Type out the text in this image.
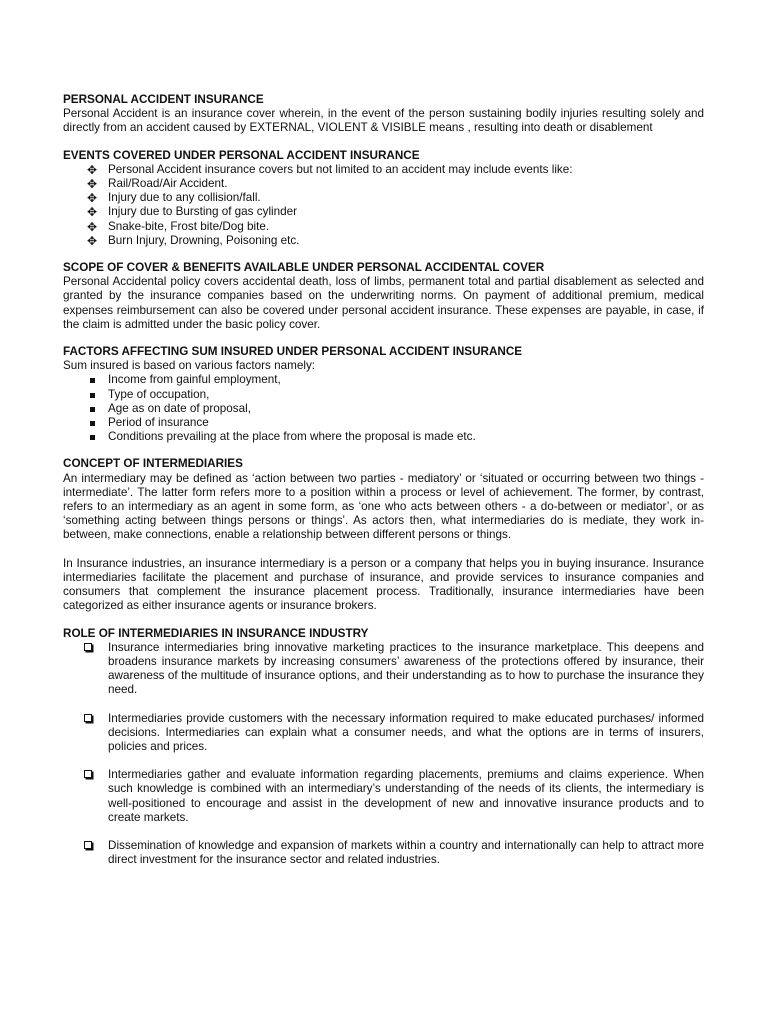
PERSONAL ACCIDENT INSURANCE

Personal Accident is an insurance cover wherein, in the event of the person sustaining bodily injuries resulting solely and directly from an accident caused by EXTERNAL, VIOLENT & VISIBLE means , resulting into death or disablement

EVENTS COVERED UNDER PERSONAL ACCIDENT INSURANCE
✥ Personal Accident insurance covers but not limited to an accident may include events like:
✥ Rail/Road/Air Accident.
✥ Injury due to any collision/fall.
✥ Injury due to Bursting of gas cylinder
✥ Snake-bite, Frost bite/Dog bite.
✥ Burn Injury, Drowning, Poisoning etc.
SCOPE OF COVER & BENEFITS AVAILABLE UNDER PERSONAL ACCIDENTAL COVER

Personal Accidental policy covers accidental death, loss of limbs, permanent total and partial disablement as selected and granted by the insurance companies based on the underwriting norms. On payment of additional premium, medical expenses reimbursement can also be covered under personal accident insurance. These expenses are payable, in case, if the claim is admitted under the basic policy cover.

FACTORS AFFECTING SUM INSURED UNDER PERSONAL ACCIDENT INSURANCE

Sum insured is based on various factors namely:

Income from gainful employment,
Type of occupation,
Age as on date of proposal,
Period of insurance
Conditions prevailing at the place from where the proposal is made etc.
CONCEPT OF INTERMEDIARIES

An intermediary may be defined as ‘action between two parties - mediatory’ or ‘situated or occurring between two things - intermediate’. The latter form refers more to a position within a process or level of achievement. The former, by contrast, refers to an intermediary as an agent in some form, as ‘one who acts between others - a do-between or mediator’, or as ‘something acting between things persons or things’. As actors then, what intermediaries do is mediate, they work in-between, make connections, enable a relationship between different persons or things.

In Insurance industries, an insurance intermediary is a person or a company that helps you in buying insurance. Insurance intermediaries facilitate the placement and purchase of insurance, and provide services to insurance companies and consumers that complement the insurance placement process. Traditionally, insurance intermediaries have been categorized as either insurance agents or insurance brokers.

ROLE OF INTERMEDIARIES IN INSURANCE INDUSTRY

Insurance intermediaries bring innovative marketing practices to the insurance marketplace. This deepens and broadens insurance markets by increasing consumers’ awareness of the protections offered by insurance, their awareness of the multitude of insurance options, and their understanding as to how to purchase the insurance they need.

Intermediaries provide customers with the necessary information required to make educated purchases/ informed decisions. Intermediaries can explain what a consumer needs, and what the options are in terms of insurers, policies and prices.

Intermediaries gather and evaluate information regarding placements, premiums and claims experience. When such knowledge is combined with an intermediary’s understanding of the needs of its clients, the intermediary is well-positioned to encourage and assist in the development of new and innovative insurance products and to create markets.

Dissemination of knowledge and expansion of markets within a country and internationally can help to attract more direct investment for the insurance sector and related industries.
